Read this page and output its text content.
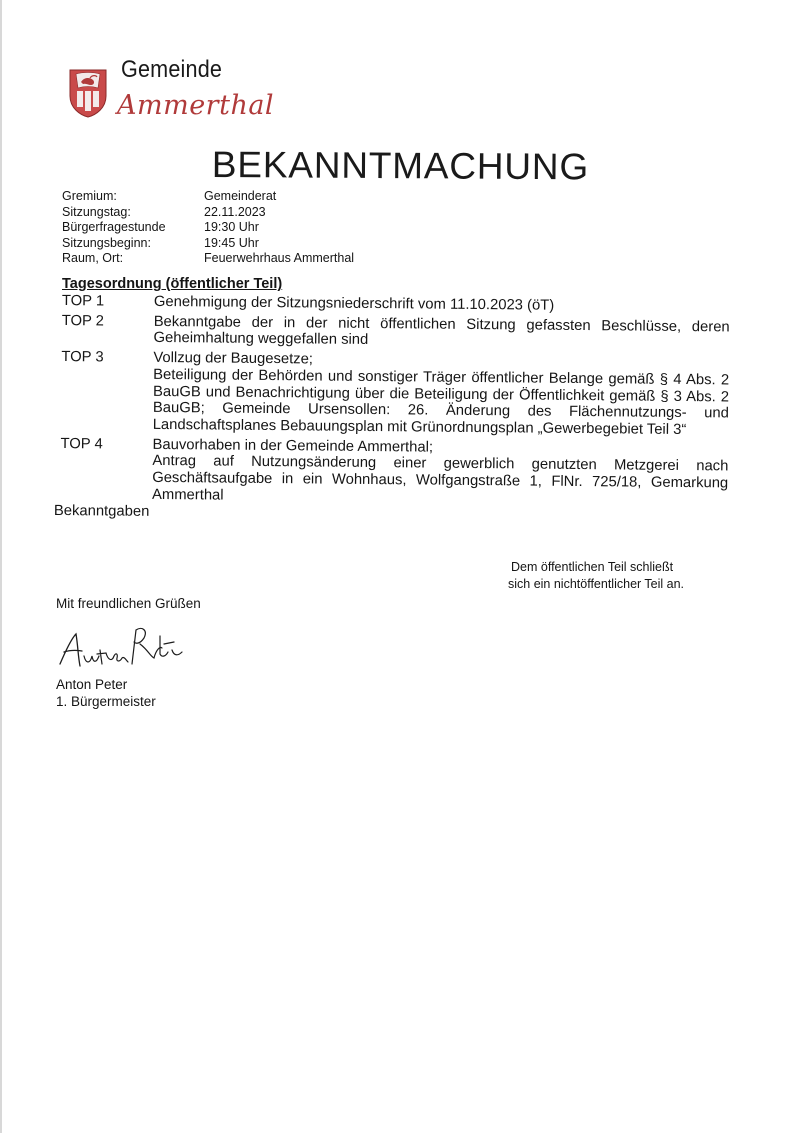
Gemeinde
Ammerthal
BEKANNTMACHUNG
Gremium:	Gemeinderat
Sitzungstag:	22.11.2023
Bürgerfragestunde	19:30 Uhr
Sitzungsbeginn:	19:45 Uhr
Raum, Ort:	Feuerwehrhaus Ammerthal
Tagesordnung (öffentlicher Teil)
TOP 1	Genehmigung der Sitzungsniederschrift vom 11.10.2023 (öT)

TOP 2	Bekanntgabe der in der nicht öffentlichen Sitzung gefassten Beschlüsse, deren Geheimhaltung weggefallen sind

TOP 3	Vollzug der Baugesetze;

Beteiligung der Behörden und sonstiger Träger öffentlicher Belange gemäß § 4 Abs. 2 BauGB und Benachrichtigung über die Beteiligung der Öffentlichkeit gemäß § 3 Abs. 2 BauGB; Gemeinde Ursensollen: 26. Änderung des Flächennutzungs- und Landschaftsplanes Bebauungsplan mit Grünordnungsplan „Gewerbegebiet Teil 3“

TOP 4	Bauvorhaben in der Gemeinde Ammerthal;

Antrag auf Nutzungsänderung einer gewerblich genutzten Metzgerei nach Geschäftsaufgabe in ein Wohnhaus, Wolfgangstraße 1, FlNr. 725/18, Gemarkung Ammerthal

Bekanntgaben
Dem öffentlichen Teil schließt
sich ein nichtöffentlicher Teil an.
Mit freundlichen Grüßen
Anton Peter
1. Bürgermeister
